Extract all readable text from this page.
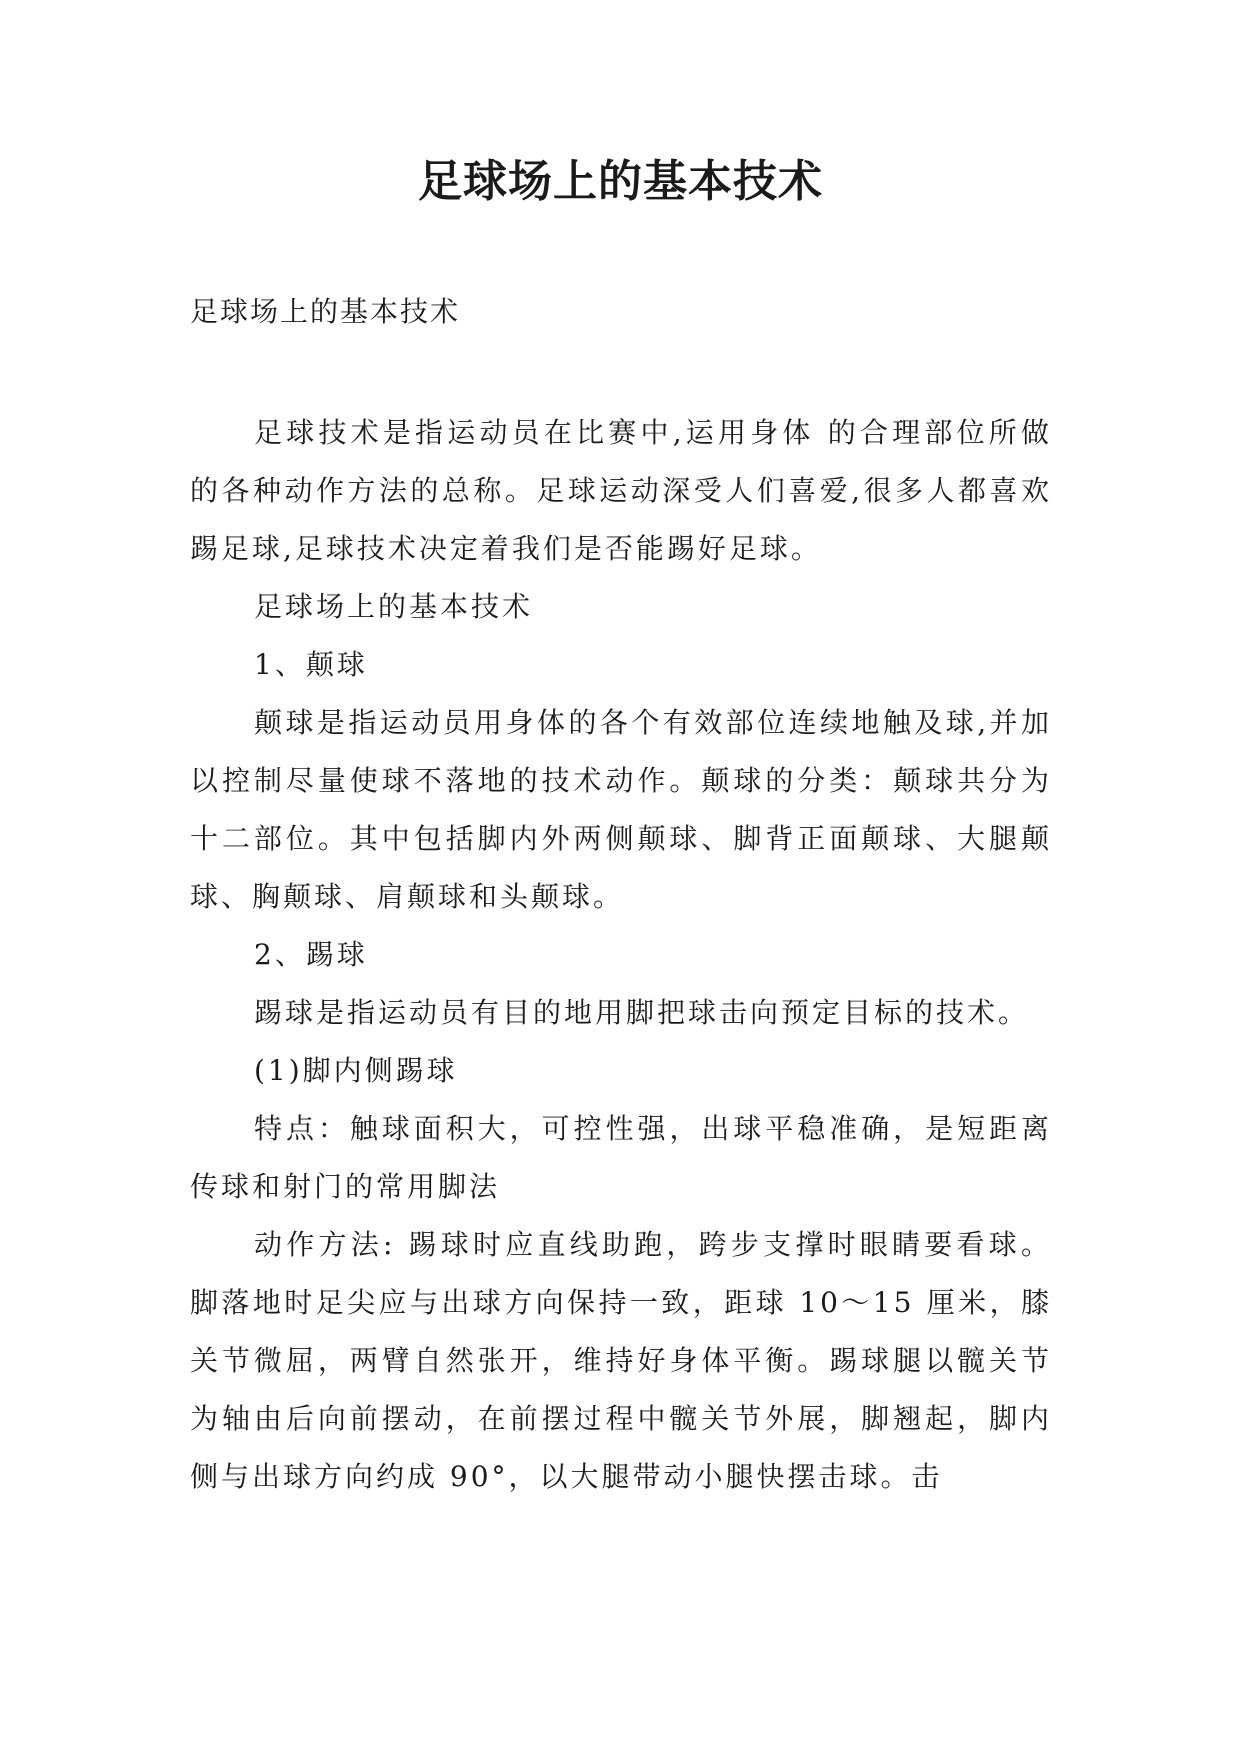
足球场上的基本技术
足球场上的基本技术

足球技术是指运动员在比赛中,运用身体 的合理部位所做的各种动作方法的总称。足球运动深受人们喜爱,很多人都喜欢踢足球,足球技术决定着我们是否能踢好足球。

足球场上的基本技术

1、颠球

颠球是指运动员用身体的各个有效部位连续地触及球,并加以控制尽量使球不落地的技术动作。颠球的分类：颠球共分为十二部位。其中包括脚内外两侧颠球、脚背正面颠球、大腿颠球、胸颠球、肩颠球和头颠球。

2、踢球

踢球是指运动员有目的地用脚把球击向预定目标的技术。

(1)脚内侧踢球

特点：触球面积大，可控性强，出球平稳准确，是短距离传球和射门的常用脚法

动作方法: 踢球时应直线助跑，跨步支撑时眼睛要看球。脚落地时足尖应与出球方向保持一致，距球 10～15 厘米，膝关节微屈，两臂自然张开，维持好身体平衡。踢球腿以髋关节为轴由后向前摆动，在前摆过程中髋关节外展，脚翘起，脚内侧与出球方向约成 90°，以大腿带动小腿快摆击球。击
